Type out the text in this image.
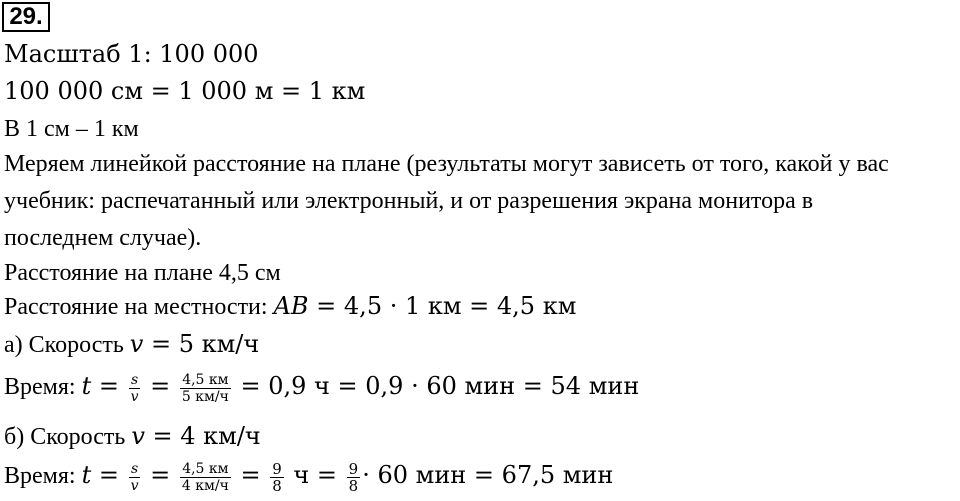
29.
Масштаб 1: 100 000
100 000 см = 1 000 м = 1 км
В 1 см – 1 км
Меряем линейкой расстояние на плане (результаты могут зависеть от того, какой у вас
учебник: распечатанный или электронный, и от разрешения экрана монитора в
последнем случае).
Расстояние на плане 4,5 см
Расстояние на местности: AB = 4,5 · 1 км = 4,5 км
а) Скорость v = 5 км/ч
Время: $t = \frac{s}{v} = \frac{4,5 км}{5 км/ч} = 0,9$ ч = 0,9 · 60 мин = 54 мин
б) Скорость v = 4 км/ч
Время: $t = \frac{s}{v} = \frac{4,5 км}{4 км/ч} = \frac{9}{8}$ $ч = \frac{9}{8} \cdot 60$ мин = 67,5 мин
